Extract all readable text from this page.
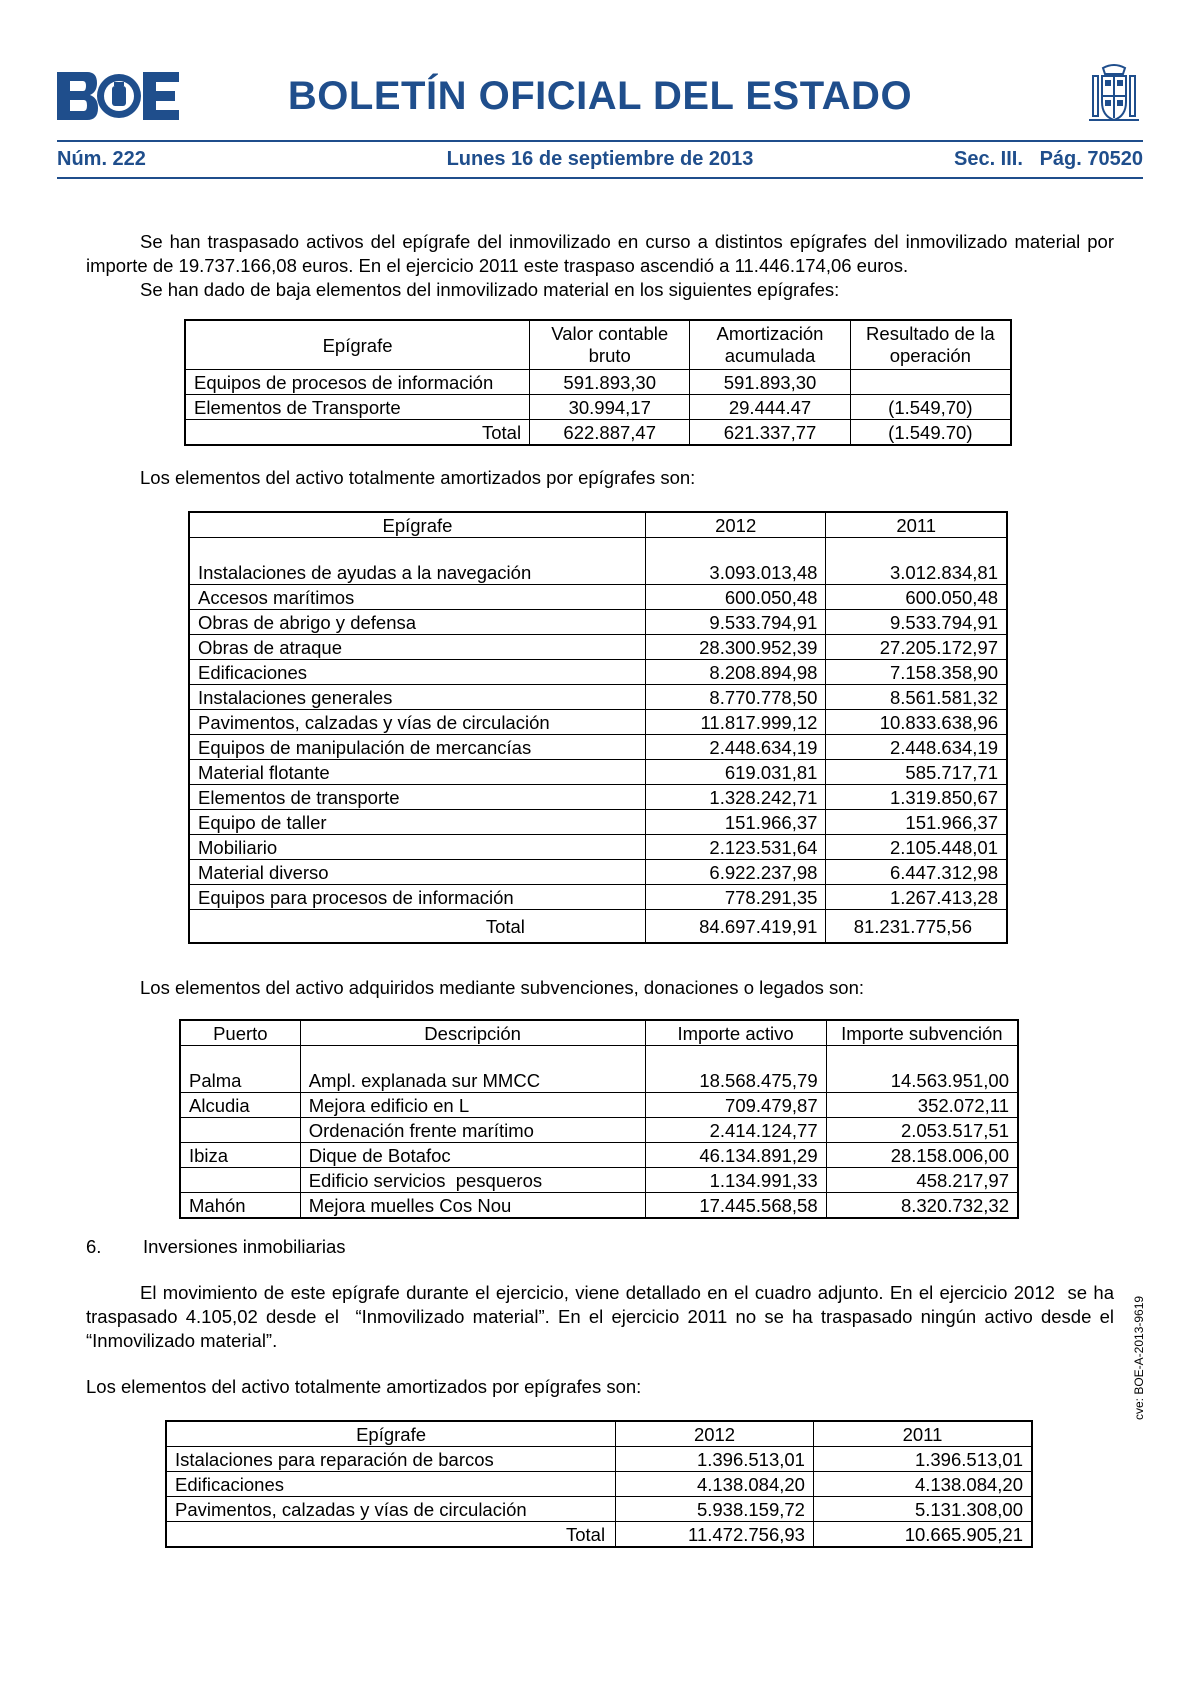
BOLETÍN OFICIAL DEL ESTADO
Núm. 222	Lunes 16 de septiembre de 2013	Sec. III.   Pág. 70520
Se han traspasado activos del epígrafe del inmovilizado en curso a distintos epígrafes del inmovilizado material por importe de 19.737.166,08 euros. En el ejercicio 2011 este traspaso ascendió a 11.446.174,06 euros.
Se han dado de baja elementos del inmovilizado material en los siguientes epígrafes:
Epígrafe	Valor contable bruto	Amortización acumulada	Resultado de la operación
Equipos de procesos de información	591.893,30	591.893,30	
Elementos de Transporte	30.994,17	29.444.47	(1.549,70)
Total	622.887,47	621.337,77	(1.549.70)
Los elementos del activo totalmente amortizados por epígrafes son:
Epígrafe	2012	2011
Instalaciones de ayudas a la navegación	3.093.013,48	3.012.834,81
Accesos marítimos	600.050,48	600.050,48
Obras de abrigo y defensa	9.533.794,91	9.533.794,91
Obras de atraque	28.300.952,39	27.205.172,97
Edificaciones	8.208.894,98	7.158.358,90
Instalaciones generales	8.770.778,50	8.561.581,32
Pavimentos, calzadas y vías de circulación	11.817.999,12	10.833.638,96
Equipos de manipulación de mercancías	2.448.634,19	2.448.634,19
Material flotante	619.031,81	585.717,71
Elementos de transporte	1.328.242,71	1.319.850,67
Equipo de taller	151.966,37	151.966,37
Mobiliario	2.123.531,64	2.105.448,01
Material diverso	6.922.237,98	6.447.312,98
Equipos para procesos de información	778.291,35	1.267.413,28
Total	84.697.419,91	81.231.775,56
Los elementos del activo adquiridos mediante subvenciones, donaciones o legados son:
Puerto	Descripción	Importe activo	Importe subvención
Palma	Ampl. explanada sur MMCC	18.568.475,79	14.563.951,00
Alcudia	Mejora edificio en L	709.479,87	352.072,11
	Ordenación frente marítimo	2.414.124,77	2.053.517,51
Ibiza	Dique de Botafoc	46.134.891,29	28.158.006,00
	Edificio servicios  pesqueros	1.134.991,33	458.217,97
Mahón	Mejora muelles Cos Nou	17.445.568,58	8.320.732,32
6. Inversiones inmobiliarias
El movimiento de este epígrafe durante el ejercicio, viene detallado en el cuadro adjunto. En el ejercicio 2012  se ha traspasado 4.105,02 desde el  “Inmovilizado material”. En el ejercicio 2011 no se ha traspasado ningún activo desde el  “Inmovilizado material”.
Los elementos del activo totalmente amortizados por epígrafes son:
Epígrafe	2012	2011
Istalaciones para reparación de barcos	1.396.513,01	1.396.513,01
Edificaciones	4.138.084,20	4.138.084,20
Pavimentos, calzadas y vías de circulación	5.938.159,72	5.131.308,00
Total	11.472.756,93	10.665.905,21
cve: BOE-A-2013-9619
